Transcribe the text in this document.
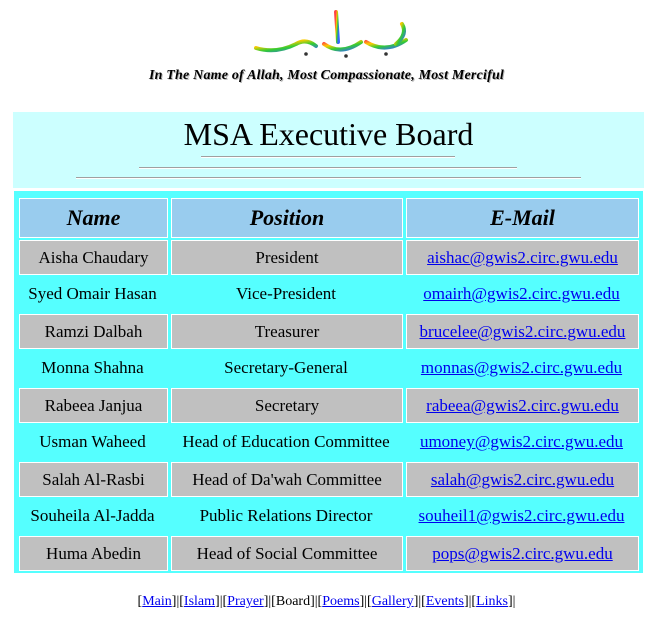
In The Name of Allah, Most Compassionate, Most Merciful
MSA Executive Board
Name	Position	E-Mail
Aisha Chaudary	President	aishac@gwis2.circ.gwu.edu
Syed Omair Hasan	Vice-President	omairh@gwis2.circ.gwu.edu
Ramzi Dalbah	Treasurer	brucelee@gwis2.circ.gwu.edu
Monna Shahna	Secretary-General	monnas@gwis2.circ.gwu.edu
Rabeea Janjua	Secretary	rabeea@gwis2.circ.gwu.edu
Usman Waheed	Head of Education Committee	umoney@gwis2.circ.gwu.edu
Salah Al-Rasbi	Head of Da'wah Committee	salah@gwis2.circ.gwu.edu
Souheila Al-Jadda	Public Relations Director	souheil1@gwis2.circ.gwu.edu
Huma Abedin	Head of Social Committee	pops@gwis2.circ.gwu.edu
[Main]|[Islam]|[Prayer]|[Board]|[Poems]|[Gallery]|[Events]|[Links]|
